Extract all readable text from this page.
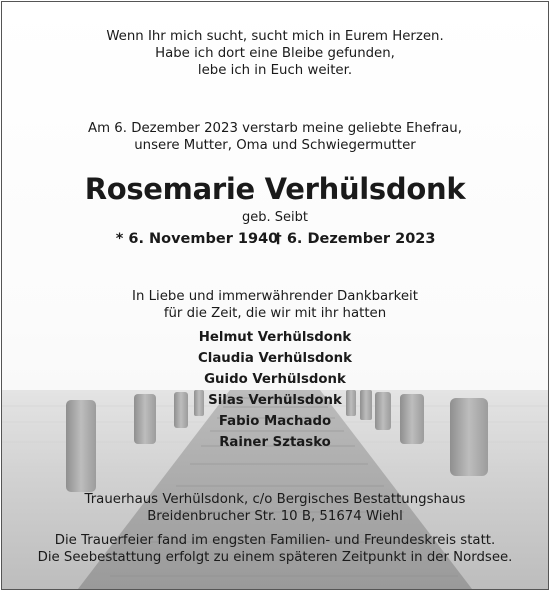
Wenn Ihr mich sucht, sucht mich in Eurem Herzen.
Habe ich dort eine Bleibe gefunden,
lebe ich in Euch weiter.
Am 6. Dezember 2023 verstarb meine geliebte Ehefrau,
unsere Mutter, Oma und Schwiegermutter
Rosemarie Verhülsdonk
geb. Seibt
* 6. November 1940
† 6. Dezember 2023
In Liebe und immerwährender Dankbarkeit
für die Zeit, die wir mit ihr hatten
Helmut Verhülsdonk
Claudia Verhülsdonk
Guido Verhülsdonk
Silas Verhülsdonk
Fabio Machado
Rainer Sztasko
Trauerhaus Verhülsdonk, c/o Bergisches Bestattungshaus
Breidenbrucher Str. 10 B, 51674 Wiehl
Die Trauerfeier fand im engsten Familien- und Freundeskreis statt.
Die Seebestattung erfolgt zu einem späteren Zeitpunkt in der Nordsee.
